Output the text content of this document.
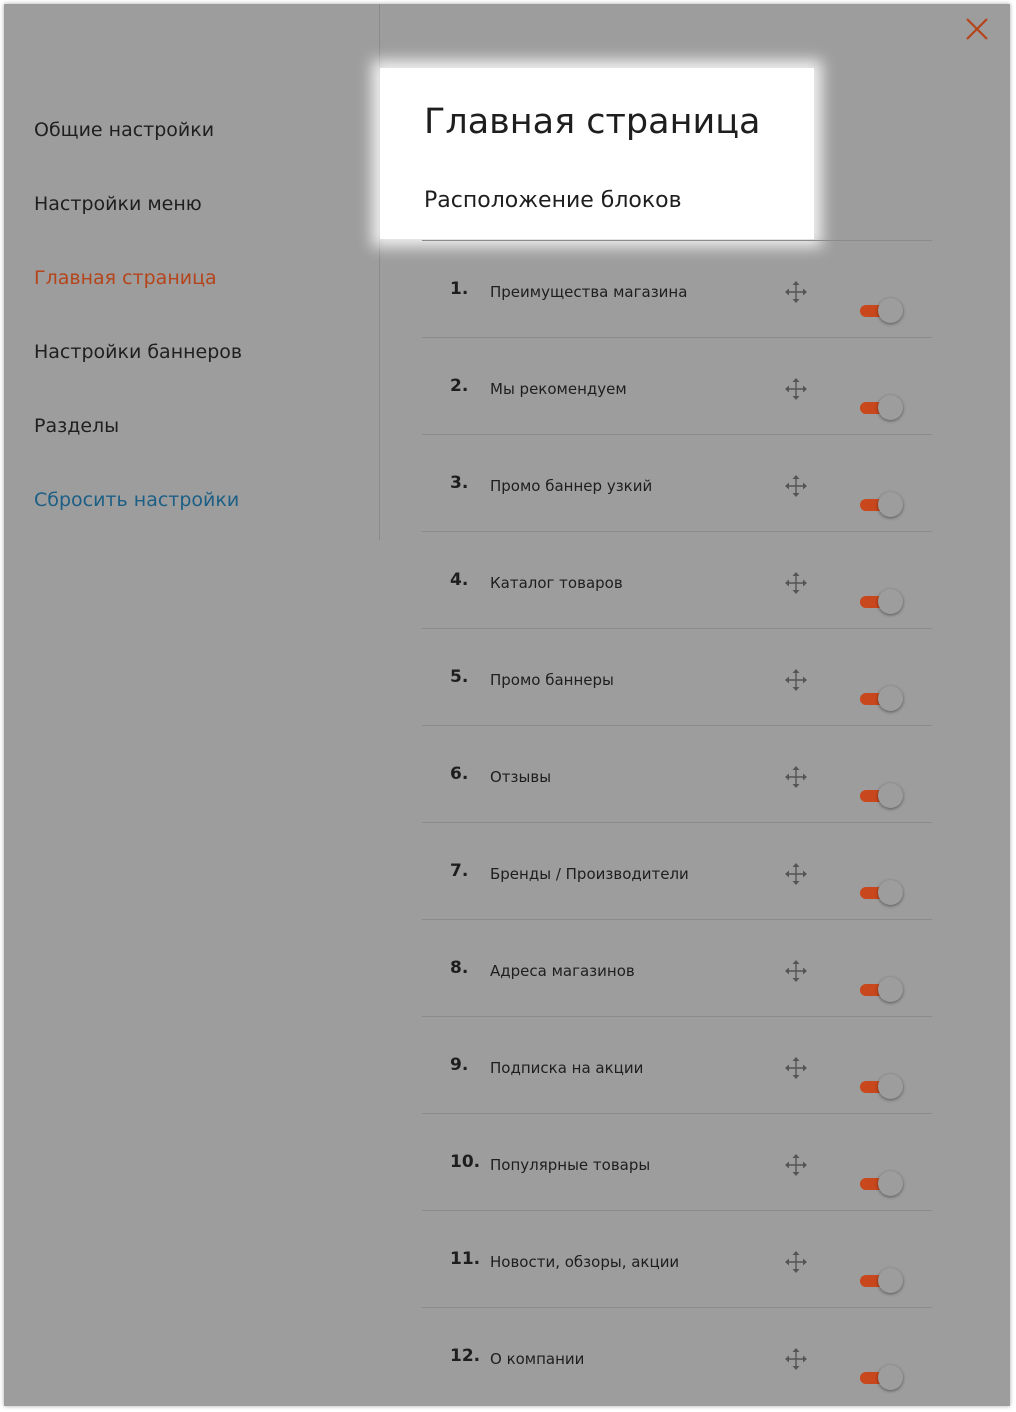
Общие настройки
Настройки меню
Главная страница
Настройки баннеров
Разделы
Сбросить настройки
Главная страница
Расположение блоков
1. Преимущества магазина
2. Мы рекомендуем
3. Промо баннер узкий
4. Каталог товаров
5. Промо баннеры
6. Отзывы
7. Бренды / Производители
8. Адреса магазинов
9. Подписка на акции
10. Популярные товары
11. Новости, обзоры, акции
12. О компании
